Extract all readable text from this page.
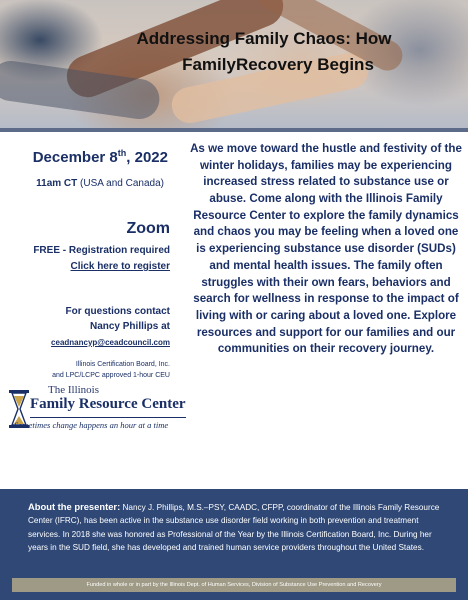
Addressing Family Chaos: How
FamilyRecovery Begins
December 8th, 2022
11am CT (USA and Canada)
Zoom
FREE - Registration required
Click here to register
For questions contact
Nancy Phillips at
ceadnancyp@ceadcouncil.com
Illinois Certification Board, Inc.
and LPC/LCPC approved 1-hour CEU
The Illinois
Family Resource Center
Sometimes change happens an hour at a time

As we move toward the hustle and festivity of the winter holidays, families may be experiencing increased stress related to substance use or abuse. Come along with the Illinois Family Resource Center to explore the family dynamics and chaos you may be feeling when a loved one is experiencing substance use disorder (SUDs) and mental health issues. The family often struggles with their own fears, behaviors and search for wellness in response to the impact of living with or caring about a loved one. Explore resources and support for our families and our communities on their recovery journey.

About the presenter: Nancy J. Phillips, M.S.–PSY, CAADC, CFPP, coordinator of the Illinois Family Resource Center (IFRC), has been active in the substance use disorder field working in both prevention and treatment services. In 2018 she was honored as Professional of the Year by the Illinois Certification Board, Inc. During her years in the SUD field, she has developed and trained human service providers throughout the United States.

Funded in whole or in part by the Illinois Dept. of Human Services, Division of Substance Use Prevention and Recovery
